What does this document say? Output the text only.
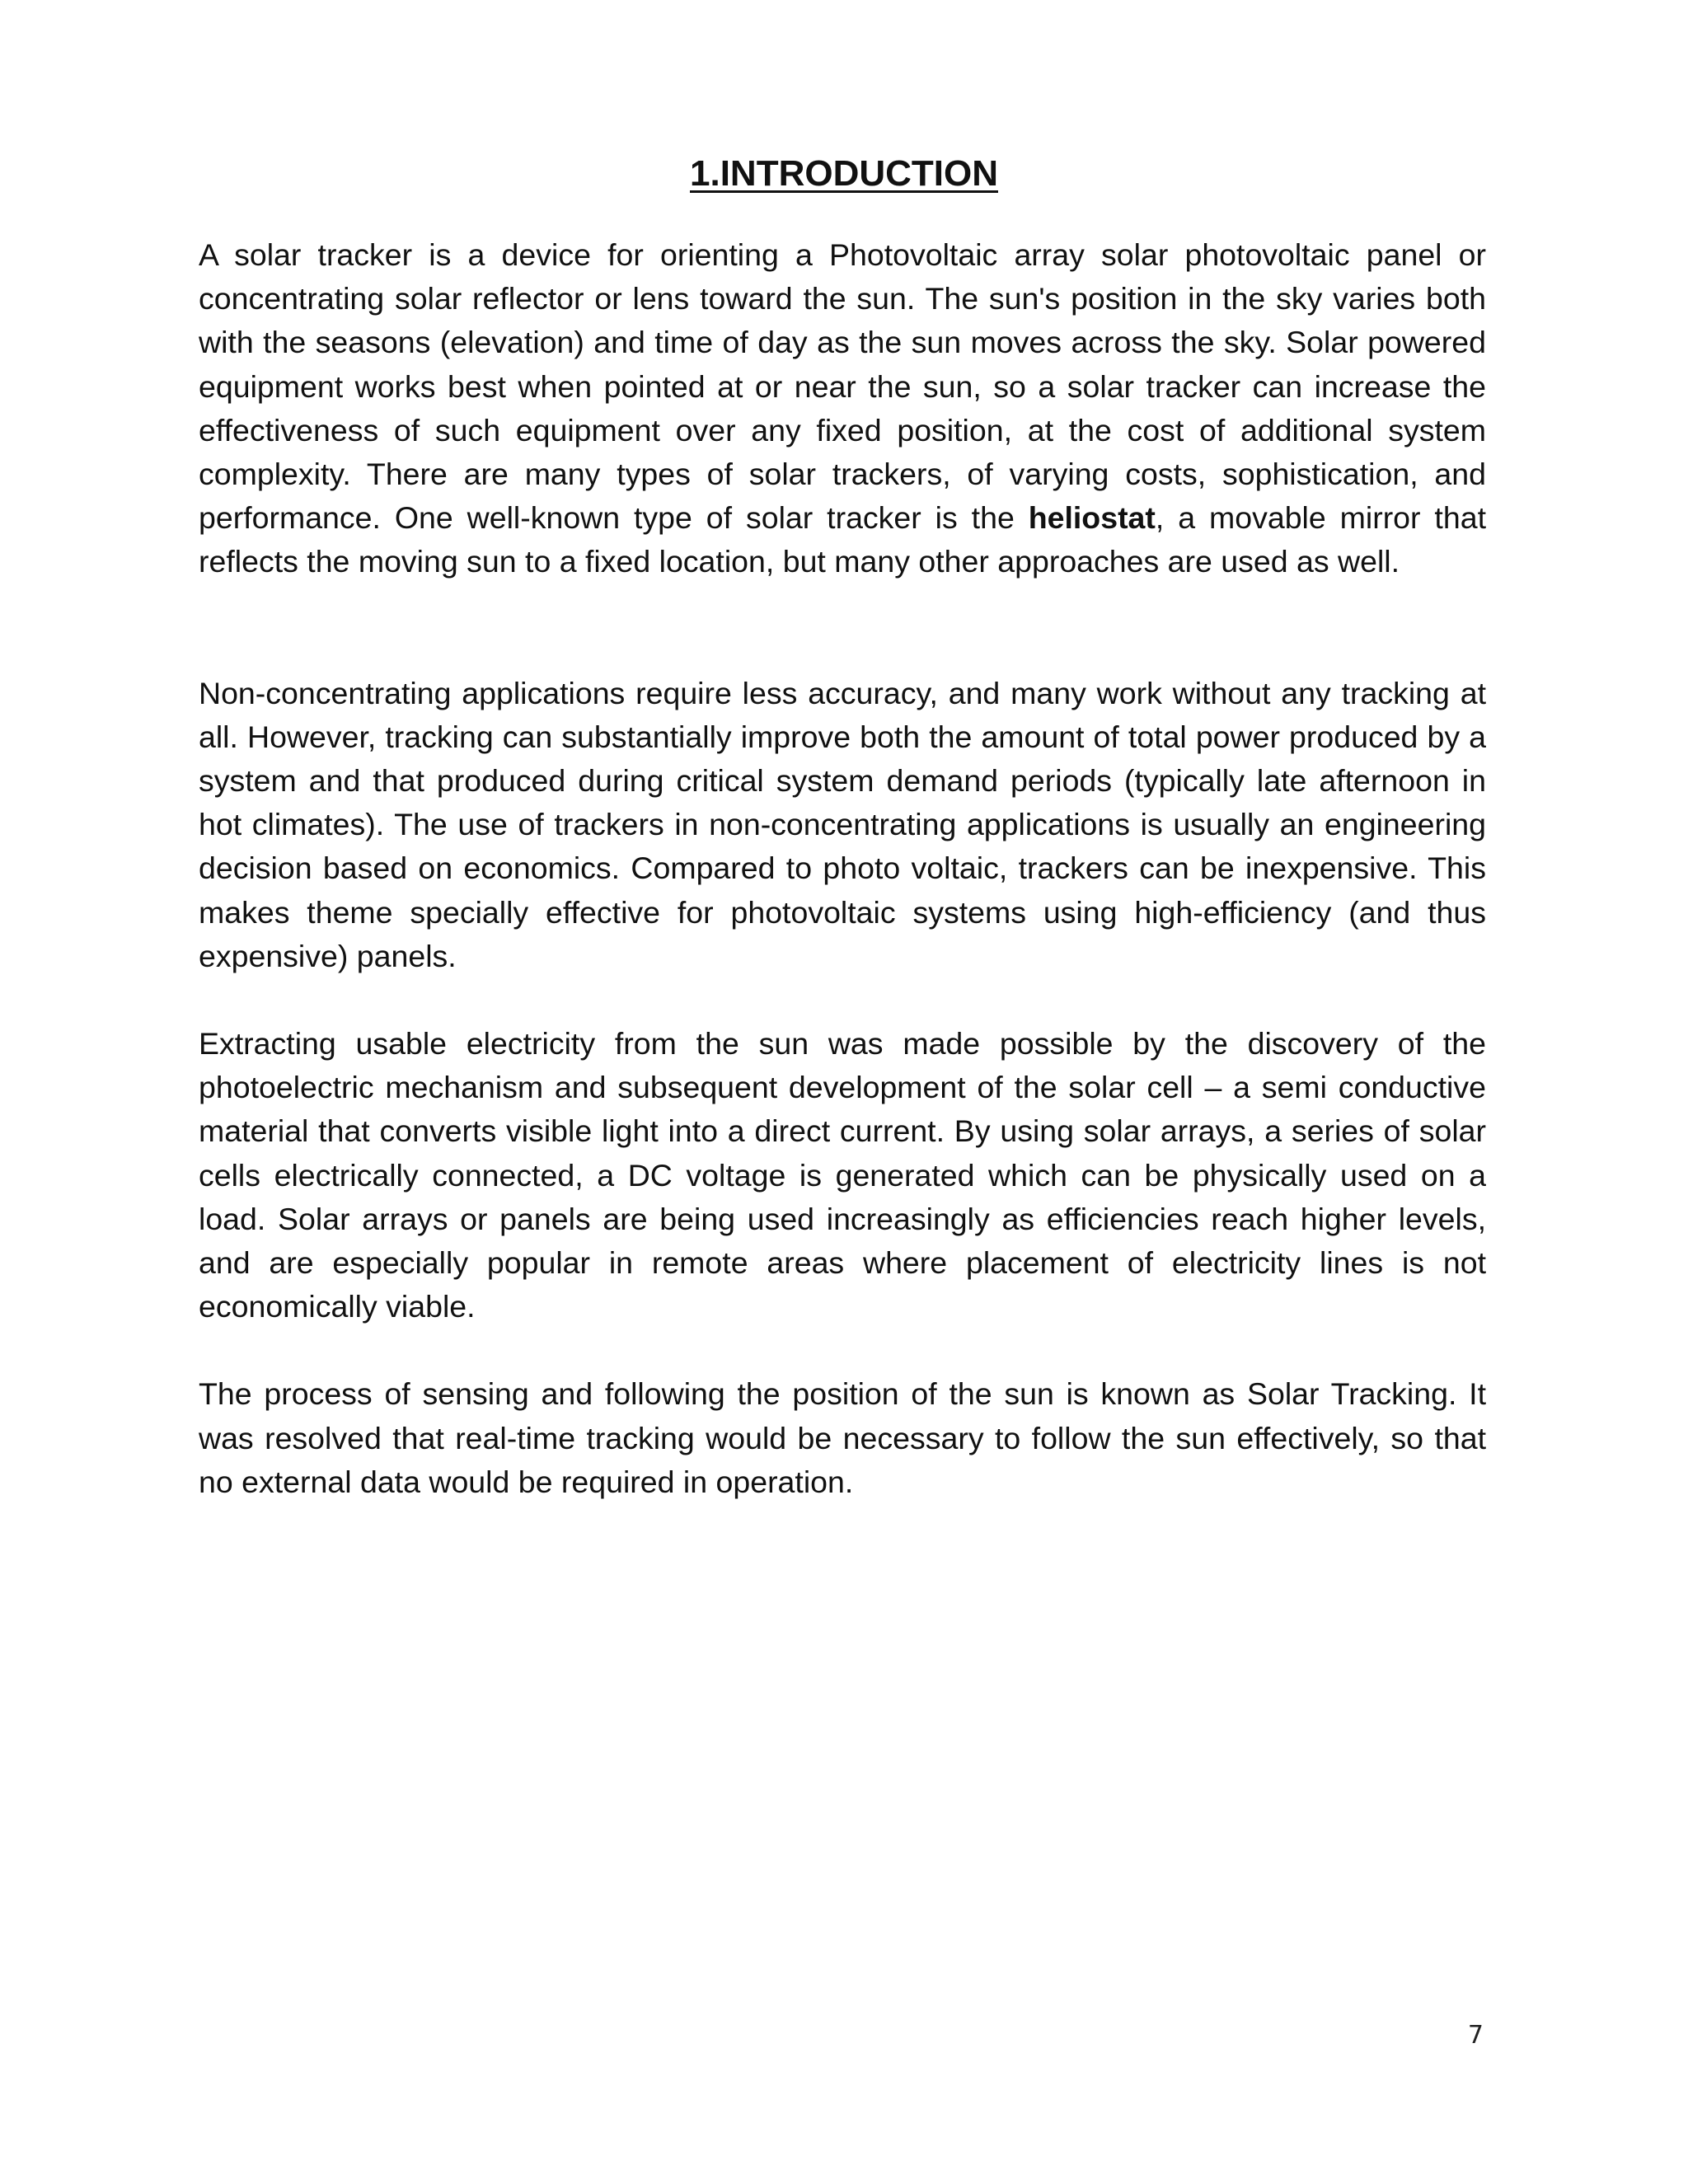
1.INTRODUCTION

A solar tracker is a device for orienting a Photovoltaic array solar photovoltaic panel or concentrating solar reflector or lens toward the sun. The sun's position in the sky varies both with the seasons (elevation) and time of day as the sun moves across the sky. Solar powered equipment works best when pointed at or near the sun, so a solar tracker can increase the effectiveness of such equipment over any fixed position, at the cost of additional system complexity. There are many types of solar trackers, of varying costs, sophistication, and performance. One well-known type of solar tracker is the heliostat, a movable mirror that reflects the moving sun to a fixed location, but many other approaches are used as well.

Non-concentrating applications require less accuracy, and many work without any tracking at all. However, tracking can substantially improve both the amount of total power produced by a system and that produced during critical system demand periods (typically late afternoon in hot climates). The use of trackers in non-concentrating applications is usually an engineering decision based on economics. Compared to photo voltaic, trackers can be inexpensive. This makes theme specially effective for photovoltaic systems using high-efficiency (and thus expensive) panels.

Extracting usable electricity from the sun was made possible by the discovery of the photoelectric mechanism and subsequent development of the solar cell – a semi conductive material that converts visible light into a direct current. By using solar arrays, a series of solar cells electrically connected, a DC voltage is generated which can be physically used on a load. Solar arrays or panels are being used increasingly as efficiencies reach higher levels, and are especially popular in remote areas where placement of electricity lines is not economically viable.

The process of sensing and following the position of the sun is known as Solar Tracking. It was resolved that real-time tracking would be necessary to follow the sun effectively, so that no external data would be required in operation.

7
